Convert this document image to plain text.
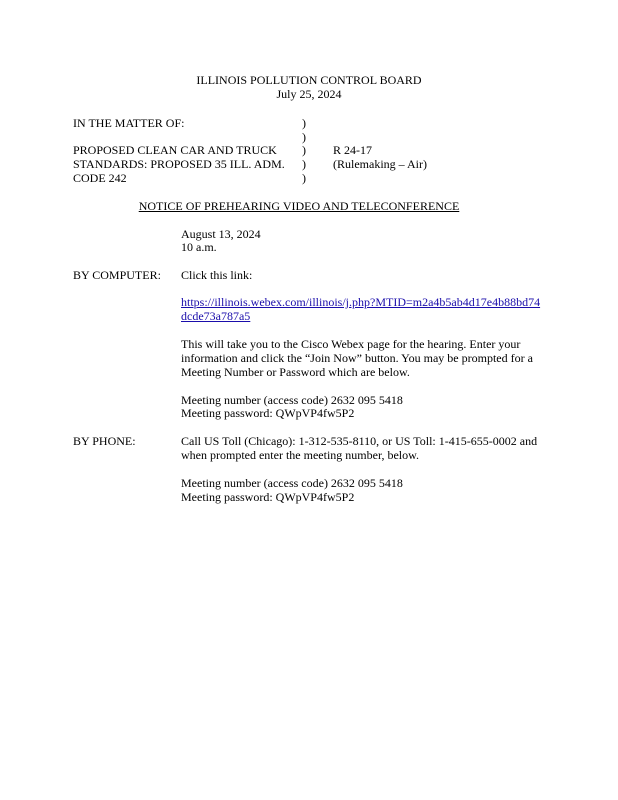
ILLINOIS POLLUTION CONTROL BOARD
July 25, 2024
IN THE MATTER OF:
PROPOSED CLEAN CAR AND TRUCK
STANDARDS: PROPOSED 35 ILL. ADM.
CODE 242
)
)
)
)
)
R 24-17
(Rulemaking – Air)
NOTICE OF PREHEARING VIDEO AND TELECONFERENCE
August 13, 2024
10 a.m.
BY COMPUTER: Click this link:
https://illinois.webex.com/illinois/j.php?MTID=m2a4b5ab4d17e4b88bd74
dcde73a787a5
This will take you to the Cisco Webex page for the hearing. Enter your
information and click the “Join Now” button. You may be prompted for a
Meeting Number or Password which are below.
Meeting number (access code) 2632 095 5418
Meeting password: QWpVP4fw5P2
BY PHONE:	Call US Toll (Chicago): 1-312-535-8110, or US Toll: 1-415-655-0002 and
when prompted enter the meeting number, below.
Meeting number (access code) 2632 095 5418
Meeting password: QWpVP4fw5P2
